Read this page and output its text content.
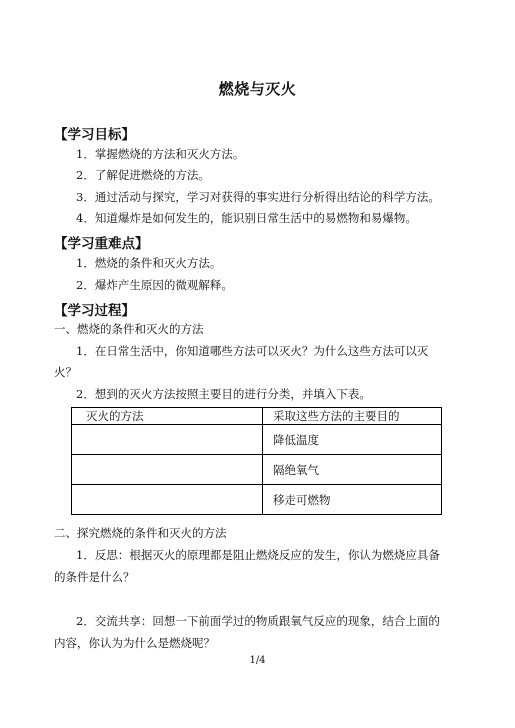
燃烧与灭火
【学习目标】
1．掌握燃烧的方法和灭火方法。
2．了解促进燃烧的方法。
3．通过活动与探究，学习对获得的事实进行分析得出结论的科学方法。
4．知道爆炸是如何发生的，能识别日常生活中的易燃物和易爆物。
【学习重难点】
1．燃烧的条件和灭火方法。
2．爆炸产生原因的微观解释。
【学习过程】
一、燃烧的条件和灭火的方法
1．在日常生活中，你知道哪些方法可以灭火？为什么这些方法可以灭
火？
2．想到的灭火方法按照主要目的进行分类，并填入下表。
灭火的方法	采取这些方法的主要目的
	降低温度
	隔绝氧气
	移走可燃物
二、探究燃烧的条件和灭火的方法
1．反思：根据灭火的原理都是阻止燃烧反应的发生，你认为燃烧应具备
的条件是什么？
2．交流共享：回想一下前面学过的物质跟氧气反应的现象，结合上面的
内容，你认为为什么是燃烧呢？
1/4
